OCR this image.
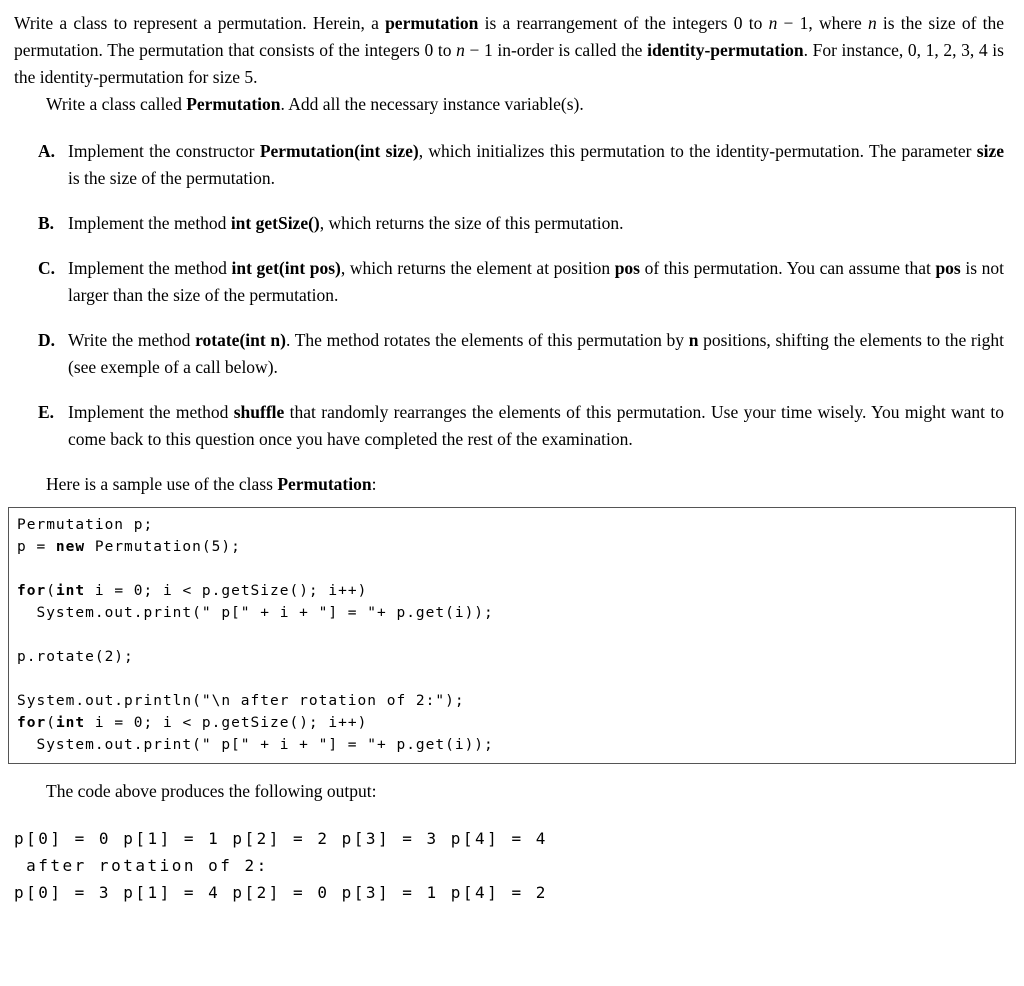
Write a class to represent a permutation. Herein, a permutation is a rearrangement of the integers 0 to n − 1, where n is the size of the permutation. The permutation that consists of the integers 0 to n − 1 in-order is called the identity-permutation. For instance, 0, 1, 2, 3, 4 is the identity-permutation for size 5.

Write a class called Permutation. Add all the necessary instance variable(s).

A. Implement the constructor Permutation(int size), which initializes this permutation to the identity-permutation. The parameter size is the size of the permutation.
B. Implement the method int getSize(), which returns the size of this permutation.
C. Implement the method int get(int pos), which returns the element at position pos of this permutation. You can assume that pos is not larger than the size of the permutation.
D. Write the method rotate(int n). The method rotates the elements of this permutation by n positions, shifting the elements to the right (see exemple of a call below).
E. Implement the method shuffle that randomly rearranges the elements of this permutation. Use your time wisely. You might want to come back to this question once you have completed the rest of the examination.

Here is a sample use of the class Permutation:

Permutation p;
p = new Permutation(5);
for(int i = 0; i < p.getSize(); i++)
System.out.print(" p[" + i + "] = "+ p.get(i));
p.rotate(2);
System.out.println("\n after rotation of 2:");
for(int i = 0; i < p.getSize(); i++)
System.out.print(" p[" + i + "] = "+ p.get(i));

The code above produces the following output:

p[0] = 0 p[1] = 1 p[2] = 2 p[3] = 3 p[4] = 4
after rotation of 2:
p[0] = 3 p[1] = 4 p[2] = 0 p[3] = 1 p[4] = 2
